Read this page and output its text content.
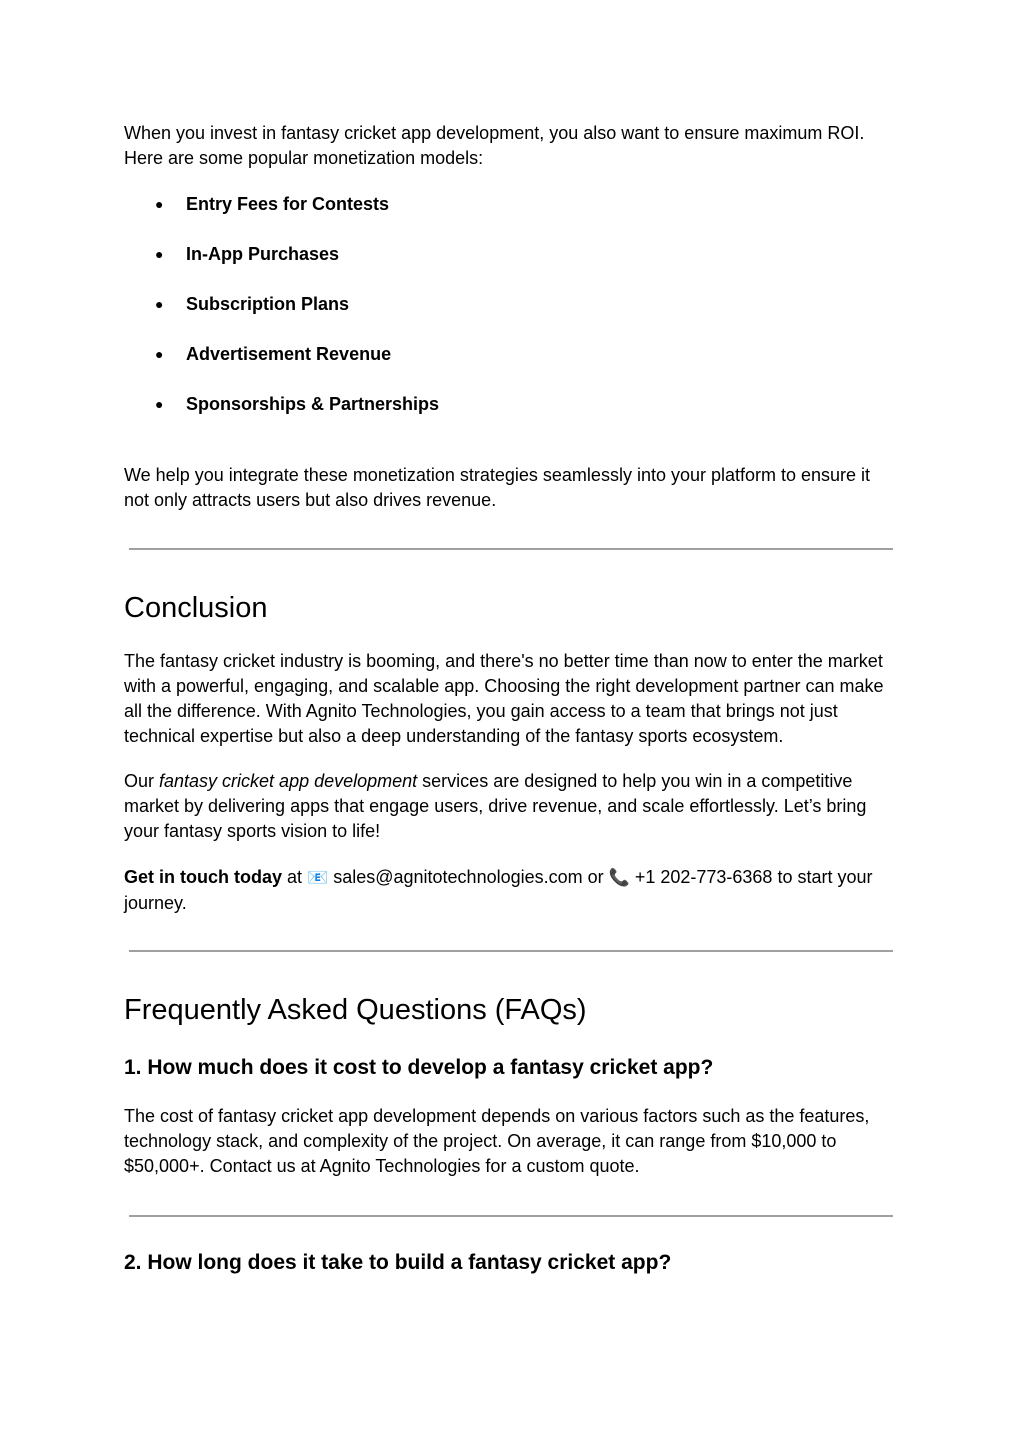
When you invest in fantasy cricket app development, you also want to ensure maximum ROI. Here are some popular monetization models:

● Entry Fees for Contests
● In-App Purchases
● Subscription Plans
● Advertisement Revenue
● Sponsorships & Partnerships

We help you integrate these monetization strategies seamlessly into your platform to ensure it not only attracts users but also drives revenue.

Conclusion

The fantasy cricket industry is booming, and there's no better time than now to enter the market with a powerful, engaging, and scalable app. Choosing the right development partner can make all the difference. With Agnito Technologies, you gain access to a team that brings not just technical expertise but also a deep understanding of the fantasy sports ecosystem.

Our fantasy cricket app development services are designed to help you win in a competitive market by delivering apps that engage users, drive revenue, and scale effortlessly. Let’s bring your fantasy sports vision to life!

Get in touch today at 📧 sales@agnitotechnologies.com or 📞 +1 202-773-6368 to start your journey.

Frequently Asked Questions (FAQs)
1. How much does it cost to develop a fantasy cricket app?

The cost of fantasy cricket app development depends on various factors such as the features, technology stack, and complexity of the project. On average, it can range from $10,000 to $50,000+. Contact us at Agnito Technologies for a custom quote.

2. How long does it take to build a fantasy cricket app?
